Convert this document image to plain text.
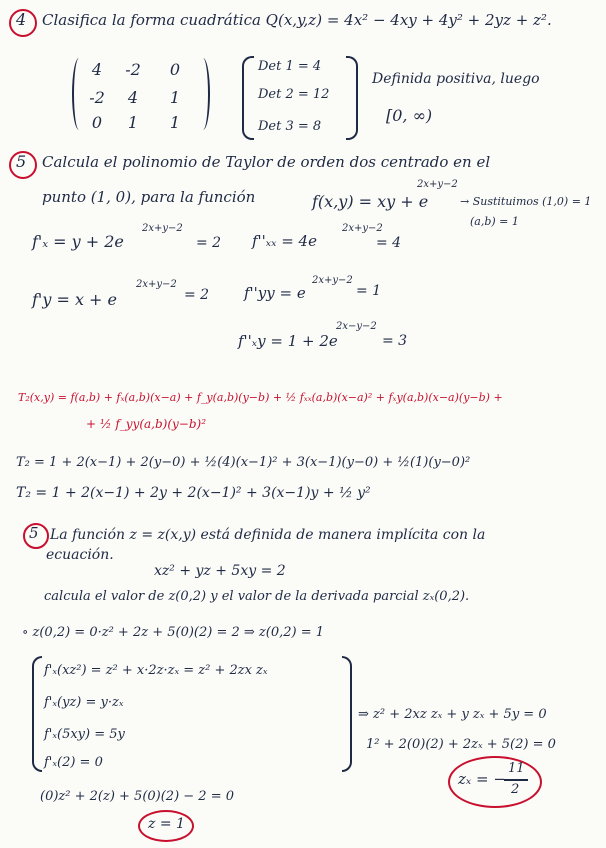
4 Clasifica la forma cuadrática Q(x,y,z) = 4x² − 4xy + 4y² + 2yz + z².
4	-2	0
-2	4	1
0	1	1
Det 1 = 4
Det 2 = 12
Det 3 = 8
Definida positiva, luego
[0, ∞)
5 Calcula el polinomio de Taylor de orden dos centrado en el
punto (1, 0), para la función	f(x,y) = xy + e
2x+y−2
→ Sustituimos (1,0) = 1
(a,b) = 1
f'ₓ = y + 2e
2x+y−2
= 2 f''ₓₓ = 4e
2x+y−2
= 4
f'y = x + e
2x+y−2
= 2 f''yy = e
2x+y−2
= 1
f''ₓy = 1 + 2e
2x−y−2
= 3
T₂(x,y) = f(a,b) + fₓ(a,b)(x−a) + f_y(a,b)(y−b) + ½ fₓₓ(a,b)(x−a)² + fₓy(a,b)(x−a)(y−b) +
+ ½ f_yy(a,b)(y−b)²
T₂ = 1 + 2(x−1) + 2(y−0) + ½(4)(x−1)² + 3(x−1)(y−0) + ½(1)(y−0)²
T₂ = 1 + 2(x−1) + 2y + 2(x−1)² + 3(x−1)y + ½ y²
5 La función z = z(x,y) está definida de manera implícita con la
ecuación.
xz² + yz + 5xy = 2
calcula el valor de z(0,2) y el valor de la derivada parcial zₓ(0,2).
∘ z(0,2) = 0·z² + 2z + 5(0)(2) = 2 ⇒ z(0,2) = 1
f'ₓ(xz²) = z² + x·2z·zₓ = z² + 2zx zₓ
f'ₓ(yz) = y·zₓ
f'ₓ(5xy) = 5y
f'ₓ(2) = 0
⇒ z² + 2xz zₓ + y zₓ + 5y = 0
1² + 2(0)(2) + 2zₓ + 5(2) = 0
zₓ = −
11
2
(0)z² + 2(z) + 5(0)(2) − 2 = 0
z = 1
